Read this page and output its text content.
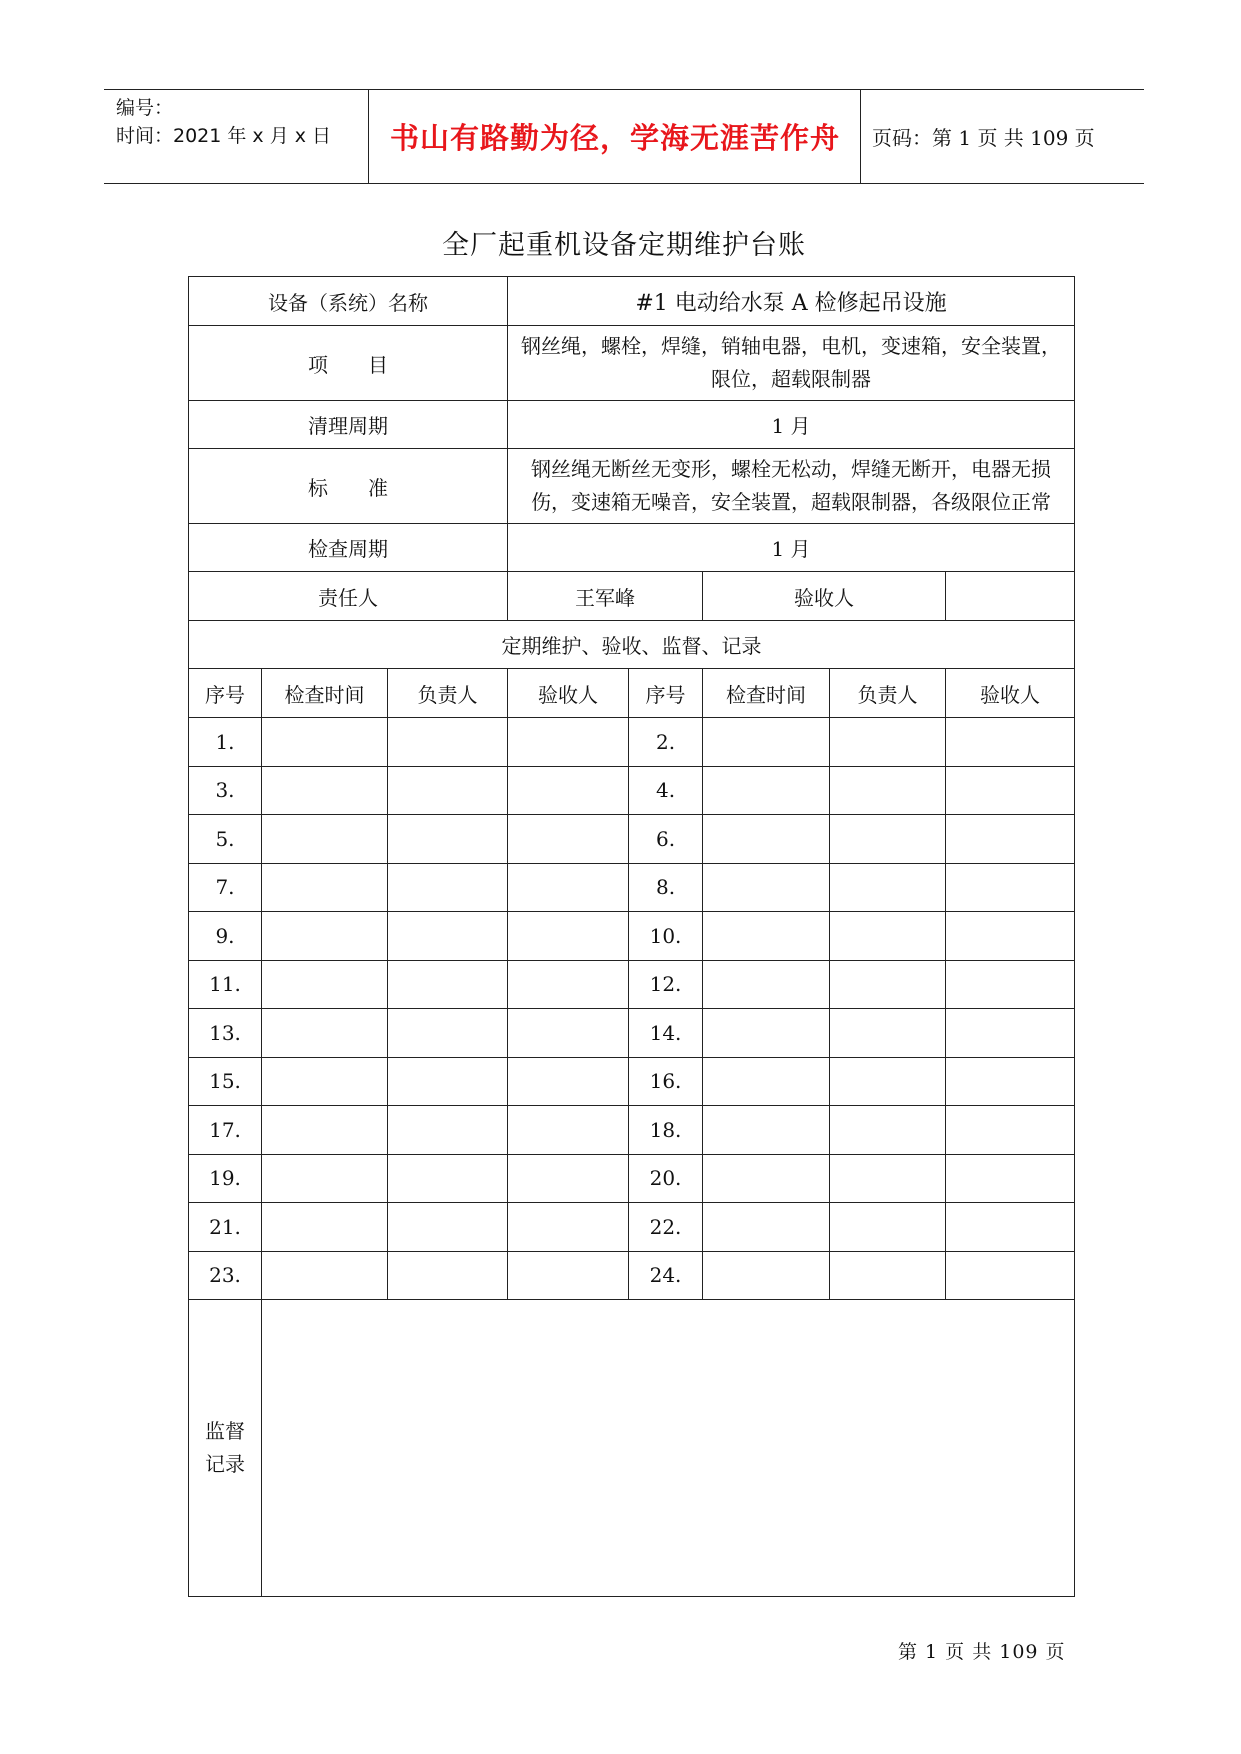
编号：
时间：2021 年 x 月 x 日	书山有路勤为径，学海无涯苦作舟	页码：第 1 页 共 109 页
全厂起重机设备定期维护台账
设备（系统）名称			#1 电动给水泵 A 检修起吊设施				
项　　目			钢丝绳，螺栓，焊缝，销轴电器，电机，变速箱，安全装置，限位，超载限制器				
清理周期			1 月				
标　　准			钢丝绳无断丝无变形，螺栓无松动，焊缝无断开，电器无损伤，变速箱无噪音，安全装置，超载限制器，各级限位正常				
检查周期			1 月				
责任人			王军峰		验收人		
定期维护、验收、监督、记录							
序号	检查时间	负责人	验收人	序号	检查时间	负责人	验收人
1.				2.			
3.				4.			
5.				6.			
7.				8.			
9.				10.			
11.				12.			
13.				14.			
15.				16.			
17.				18.			
19.				20.			
21.				22.			
23.				24.			

监督
记录							

第 1 页 共 109 页
